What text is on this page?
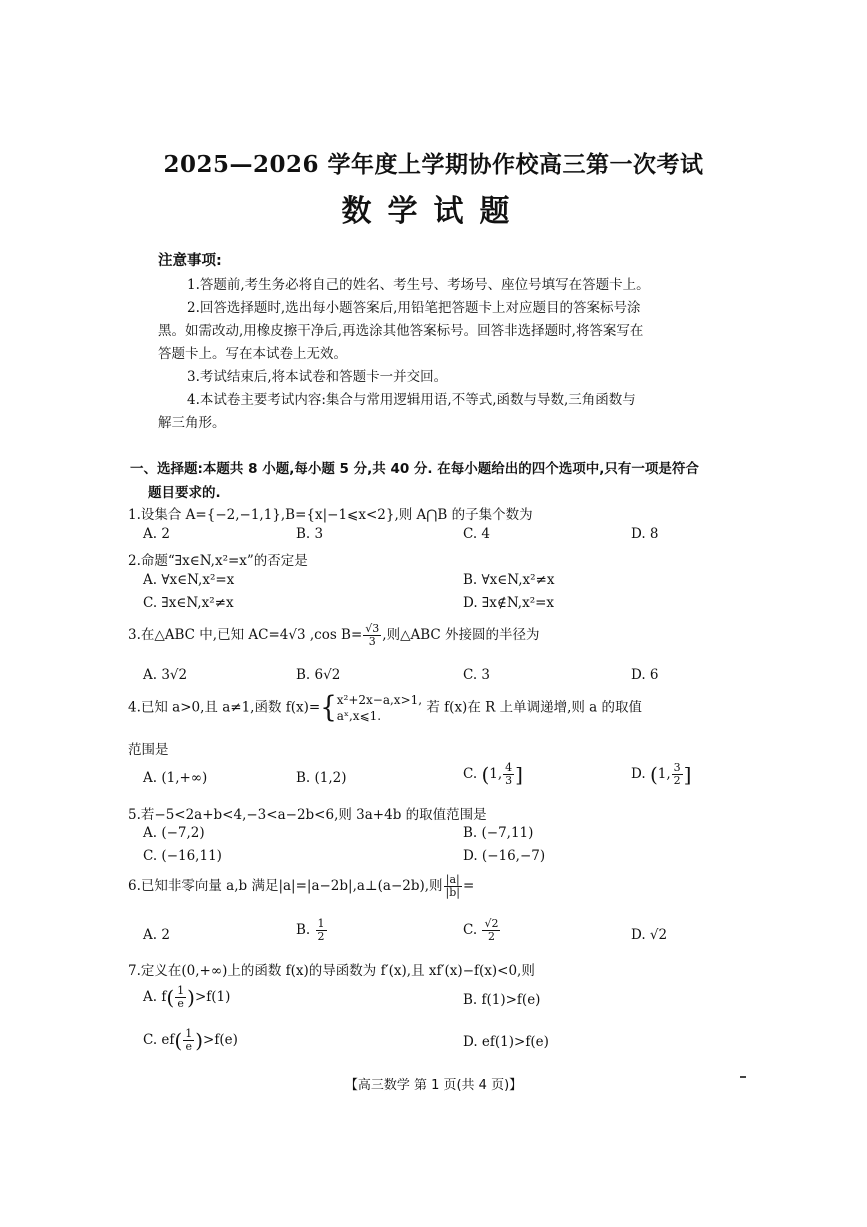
2025—2026 学年度上学期协作校高三第一次考试
数学试题
注意事项:
1.答题前,考生务必将自己的姓名、考生号、考场号、座位号填写在答题卡上。
2.回答选择题时,选出每小题答案后,用铅笔把答题卡上对应题目的答案标号涂
黑。如需改动,用橡皮擦干净后,再选涂其他答案标号。回答非选择题时,将答案写在
答题卡上。写在本试卷上无效。
3.考试结束后,将本试卷和答题卡一并交回。
4.本试卷主要考试内容:集合与常用逻辑用语,不等式,函数与导数,三角函数与
解三角形。
一、选择题:本题共 8 小题,每小题 5 分,共 40 分. 在每小题给出的四个选项中,只有一项是符合
题目要求的.
1.设集合 A={−2,−1,1},B={x|−1⩽x<2},则 A⋂B 的子集个数为
A. 2	B. 3	C. 4	D. 8
2.命题“∃x∈N,x²=x”的否定是
A. ∀x∈N,x²=x	B. ∀x∈N,x²≠x
C. ∃x∈N,x²≠x	D. ∃x∉N,x²=x
3.在△ABC 中,已知 AC=4√3 ,cos $B= \frac{√3}{3}$ ,则△ABC 外接圆的半径为
A. 3√2	B. 6√2	C. 3	D. 6
4.已知 a>0,且 a≠1,函数 f(x)={ x²+2x−a,x>1,
aˣ,x⩽1.
若 f(x)在 R 上单调递增,则 a 的取值
范围是
A. (1,+∞)	B. (1,2)	C. (1, $\frac{4}{3}$ ]	D. (1, $\frac{3}{2}$ ]
5.若−5<2a+b<4,−3<a−2b<6,则 3a+4b 的取值范围是
A. (−7,2)	B. (−7,11)
C. (−16,11)	D. (−16,−7)
6.已知非零向量 a,b 满足|a|=|a−2b|,a⊥(a−2b),则 $\frac{|a|}{|b|}$ =
A. 2	B. $\frac{1}{2}$	C. $\frac{√2}{2}$	D. √2
7.定义在(0,+∞)上的函数 f(x)的导函数为 f′(x),且 xf′(x)−f(x)<0,则
A. $f( \frac{1}{e} )>f(1)$	B. f(1)>f(e)
C. $ef( \frac{1}{e} )>f(e)$	D. ef(1)>f(e)
【高三数学 第 1 页(共 4 页)】
